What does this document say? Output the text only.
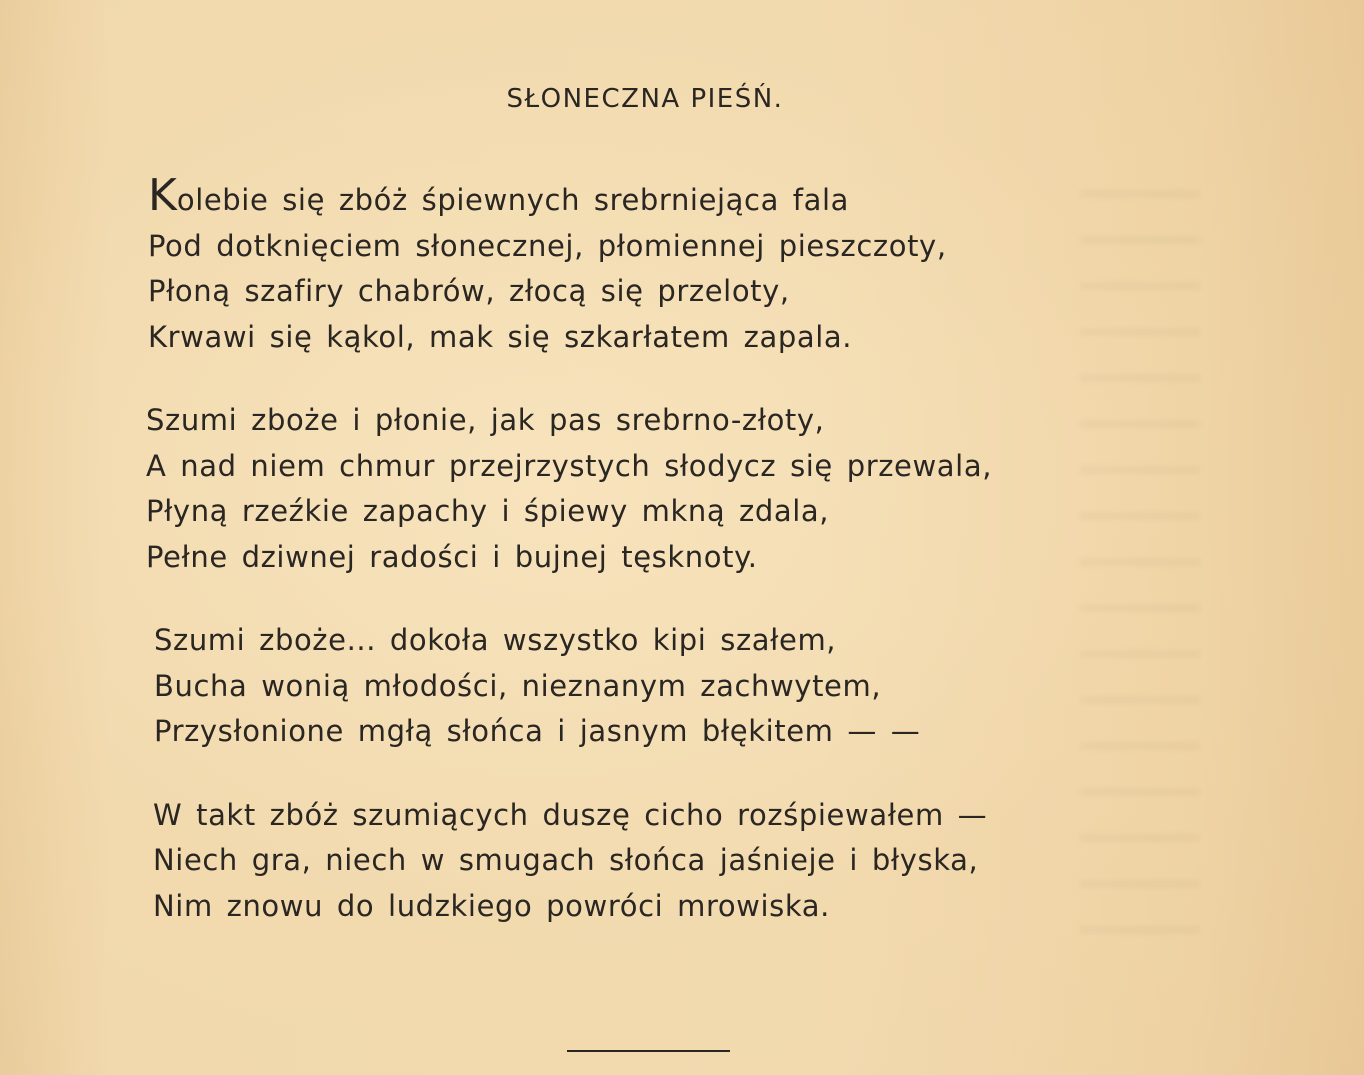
SŁONECZNA PIEŚŃ.
Kolebie się zbóż śpiewnych srebrniejąca fala
Pod dotknięciem słonecznej, płomiennej pieszczoty,
Płoną szafiry chabrów, złocą się przeloty,
Krwawi się kąkol, mak się szkarłatem zapala.
Szumi zboże i płonie, jak pas srebrno-złoty,
A nad niem chmur przejrzystych słodycz się przewala,
Płyną rzeźkie zapachy i śpiewy mkną zdala,
Pełne dziwnej radości i bujnej tęsknoty.
Szumi zboże... dokoła wszystko kipi szałem,
Bucha wonią młodości, nieznanym zachwytem,
Przysłonione mgłą słońca i jasnym błękitem — —
W takt zbóż szumiących duszę cicho rozśpiewałem —
Niech gra, niech w smugach słońca jaśnieje i błyska,
Nim znowu do ludzkiego powróci mrowiska.
